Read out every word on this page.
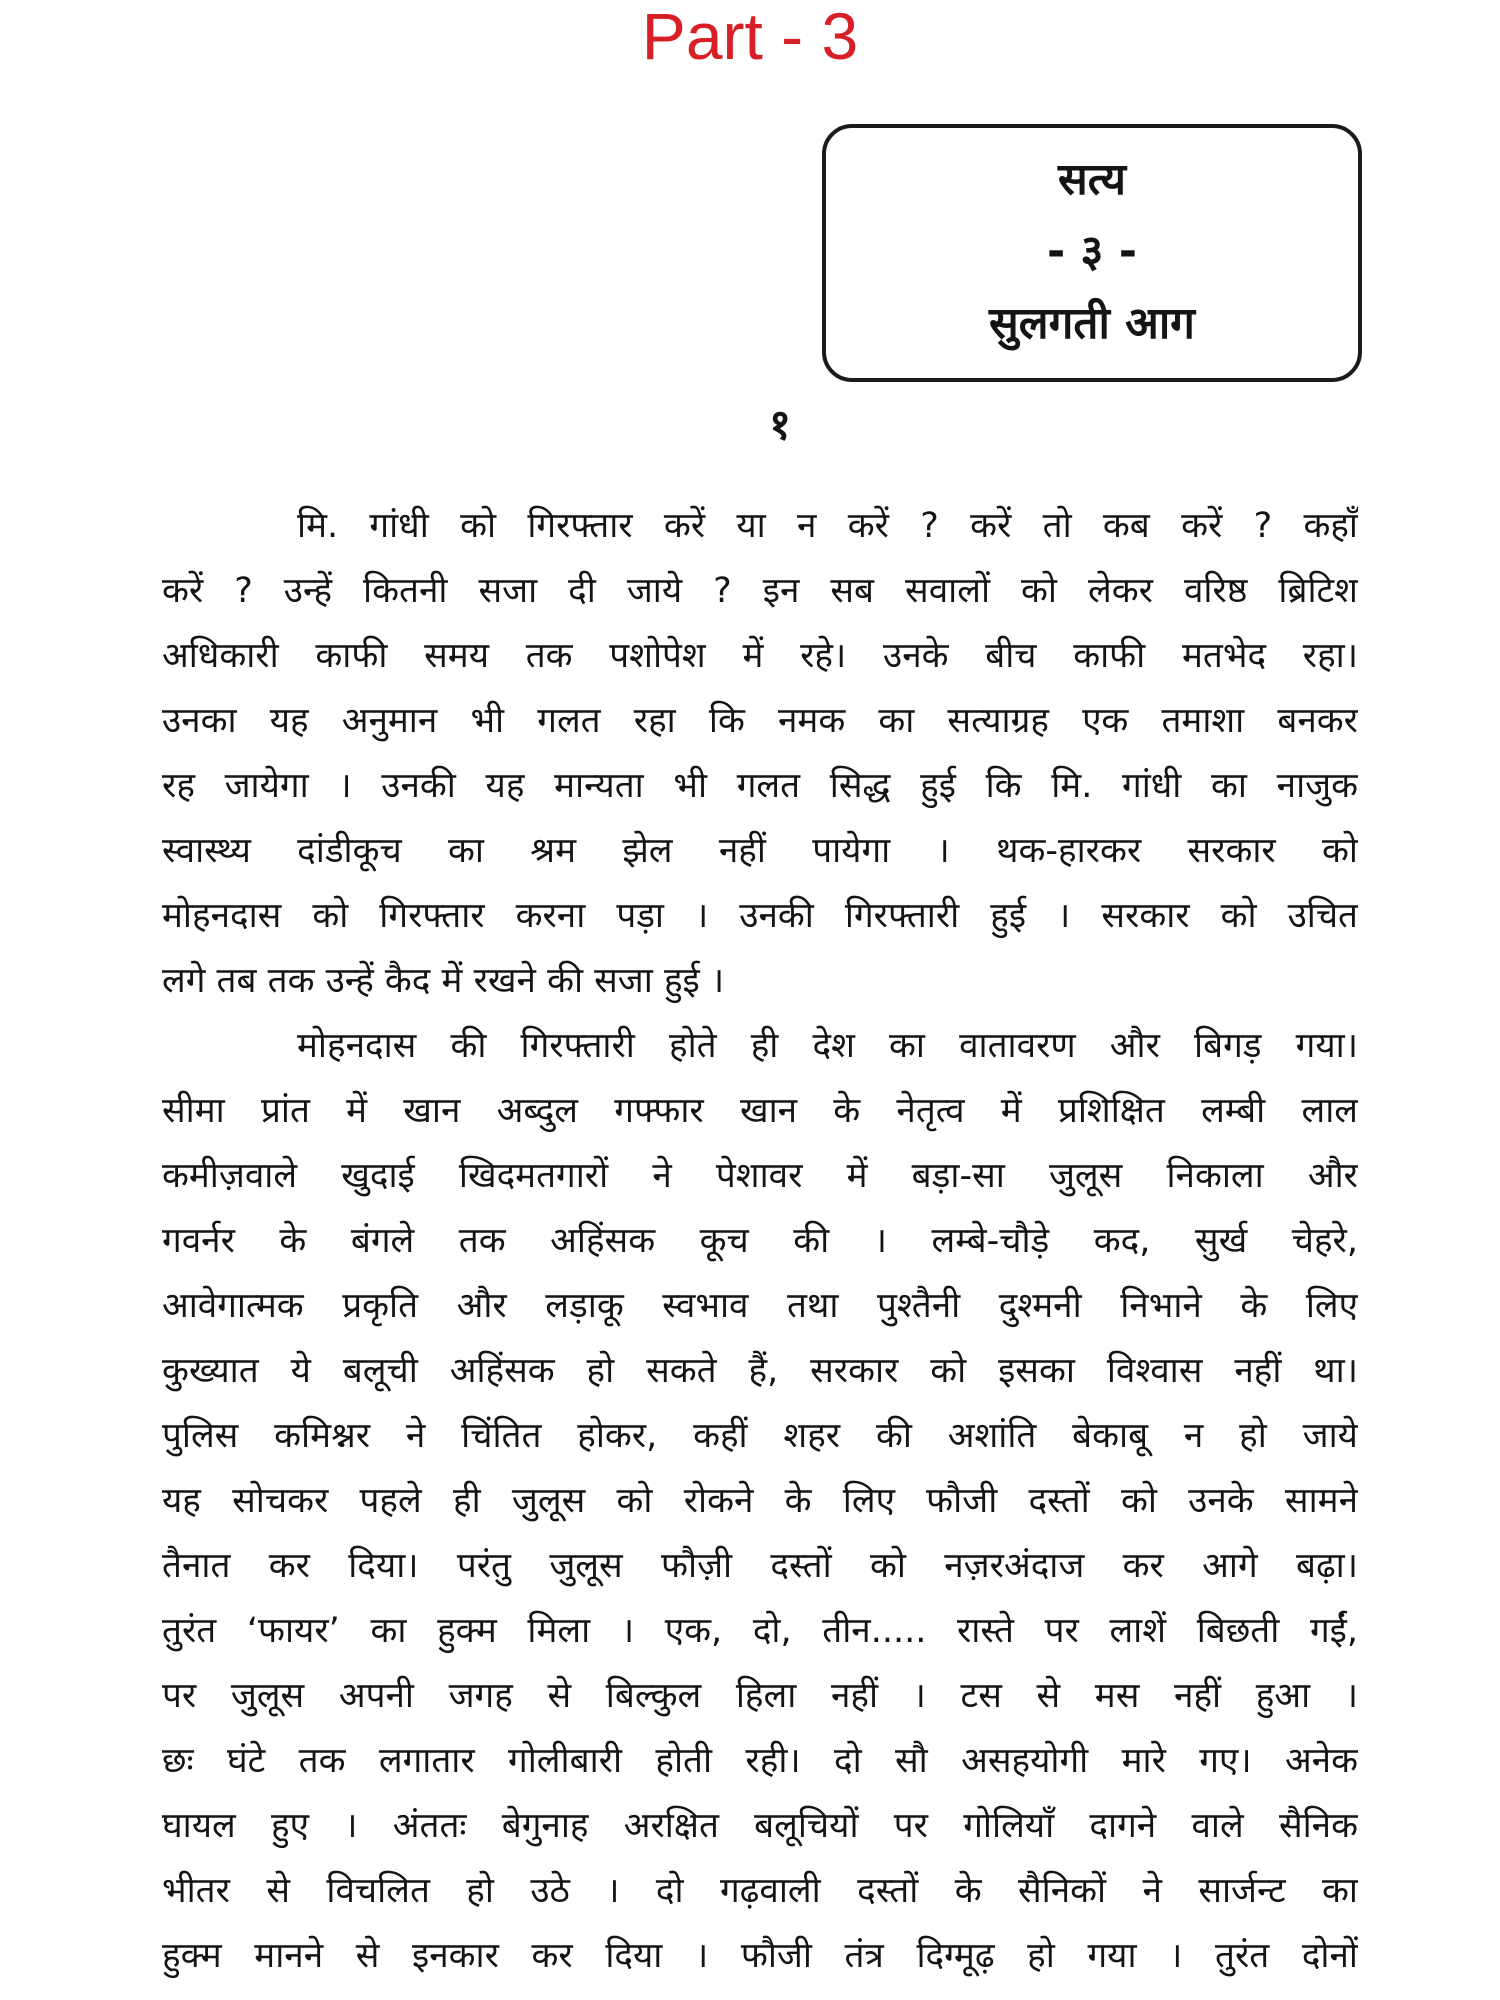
Part - 3
सत्य
- ३ -
सुलगती आग
१
मि. गांधी को गिरफ्तार करें या न करें ? करें तो कब करें ? कहाँ
करें ? उन्हें कितनी सजा दी जाये ? इन सब सवालों को लेकर वरिष्ठ ब्रिटिश
अधिकारी काफी समय तक पशोपेश में रहे। उनके बीच काफी मतभेद रहा।
उनका यह अनुमान भी गलत रहा कि नमक का सत्याग्रह एक तमाशा बनकर
रह जायेगा । उनकी यह मान्यता भी गलत सिद्ध हुई कि मि. गांधी का नाजुक
स्वास्थ्य दांडीकूच का श्रम झेल नहीं पायेगा । थक-हारकर सरकार को
मोहनदास को गिरफ्तार करना पड़ा । उनकी गिरफ्तारी हुई । सरकार को उचित
लगे तब तक उन्हें कैद में रखने की सजा हुई ।
मोहनदास की गिरफ्तारी होते ही देश का वातावरण और बिगड़ गया।
सीमा प्रांत में खान अब्दुल गफ्फार खान के नेतृत्व में प्रशिक्षित लम्बी लाल
कमीज़वाले खुदाई खिदमतगारों ने पेशावर में बड़ा-सा जुलूस निकाला और
गवर्नर के बंगले तक अहिंसक कूच की । लम्बे-चौड़े कद, सुर्ख चेहरे,
आवेगात्मक प्रकृति और लड़ाकू स्वभाव तथा पुश्तैनी दुश्मनी निभाने के लिए
कुख्यात ये बलूची अहिंसक हो सकते हैं, सरकार को इसका विश्वास नहीं था।
पुलिस कमिश्नर ने चिंतित होकर, कहीं शहर की अशांति बेकाबू न हो जाये
यह सोचकर पहले ही जुलूस को रोकने के लिए फौजी दस्तों को उनके सामने
तैनात कर दिया। परंतु जुलूस फौज़ी दस्तों को नज़रअंदाज कर आगे बढ़ा।
तुरंत ‘फायर’ का हुक्म मिला । एक, दो, तीन..... रास्ते पर लाशें बिछती गईं,
पर जुलूस अपनी जगह से बिल्कुल हिला नहीं । टस से मस नहीं हुआ ।
छः घंटे तक लगातार गोलीबारी होती रही। दो सौ असहयोगी मारे गए। अनेक
घायल हुए । अंततः बेगुनाह अरक्षित बलूचियों पर गोलियाँ दागने वाले सैनिक
भीतर से विचलित हो उठे । दो गढ़वाली दस्तों के सैनिकों ने सार्जन्ट का
हुक्म मानने से इनकार कर दिया । फौजी तंत्र दिग्मूढ़ हो गया । तुरंत दोनों
